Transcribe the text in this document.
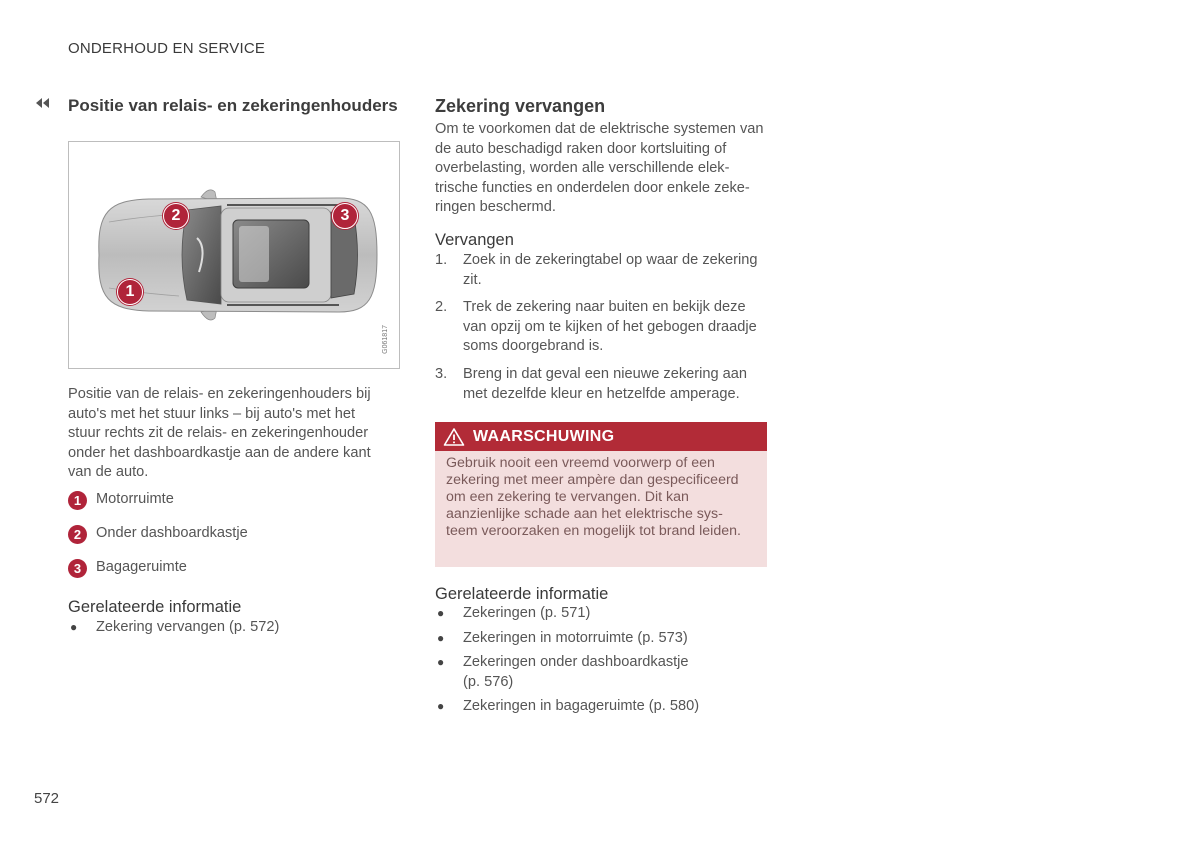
ONDERHOUD EN SERVICE
Positie van relais- en zekeringenhouders
1
2	3
G061817

Positie van de relais- en zekeringenhouders bij auto's met het stuur links – bij auto's met het stuur rechts zit de relais- en zekeringenhouder onder het dashboardkastje aan de andere kant van de auto.

1	Motorruimte
2	Onder dashboardkastje
3	Bagageruimte
Gerelateerde informatie
● Zekering vervangen (p. 572)
Zekering vervangen

Om te voorkomen dat de elektrische systemen van de auto beschadigd raken door kortsluiting of overbelasting, worden alle verschillende elektrische functies en onderdelen door enkele zekeringen beschermd.

Vervangen
1. Zoek in de zekeringtabel op waar de zekering zit.
2. Trek de zekering naar buiten en bekijk deze van opzij om te kijken of het gebogen draadje soms doorgebrand is.
3. Breng in dat geval een nieuwe zekering aan met dezelfde kleur en hetzelfde amperage.
WAARSCHUWING
Gebruik nooit een vreemd voorwerp of een zekering met meer ampère dan gespecificeerd om een zekering te vervangen. Dit kan aanzienlijke schade aan het elektrische systeem veroorzaken en mogelijk tot brand leiden.
Gerelateerde informatie
● Zekeringen (p. 571)
● Zekeringen in motorruimte (p. 573)
● Zekeringen onder dashboardkastje (p. 576)
● Zekeringen in bagageruimte (p. 580)
572
